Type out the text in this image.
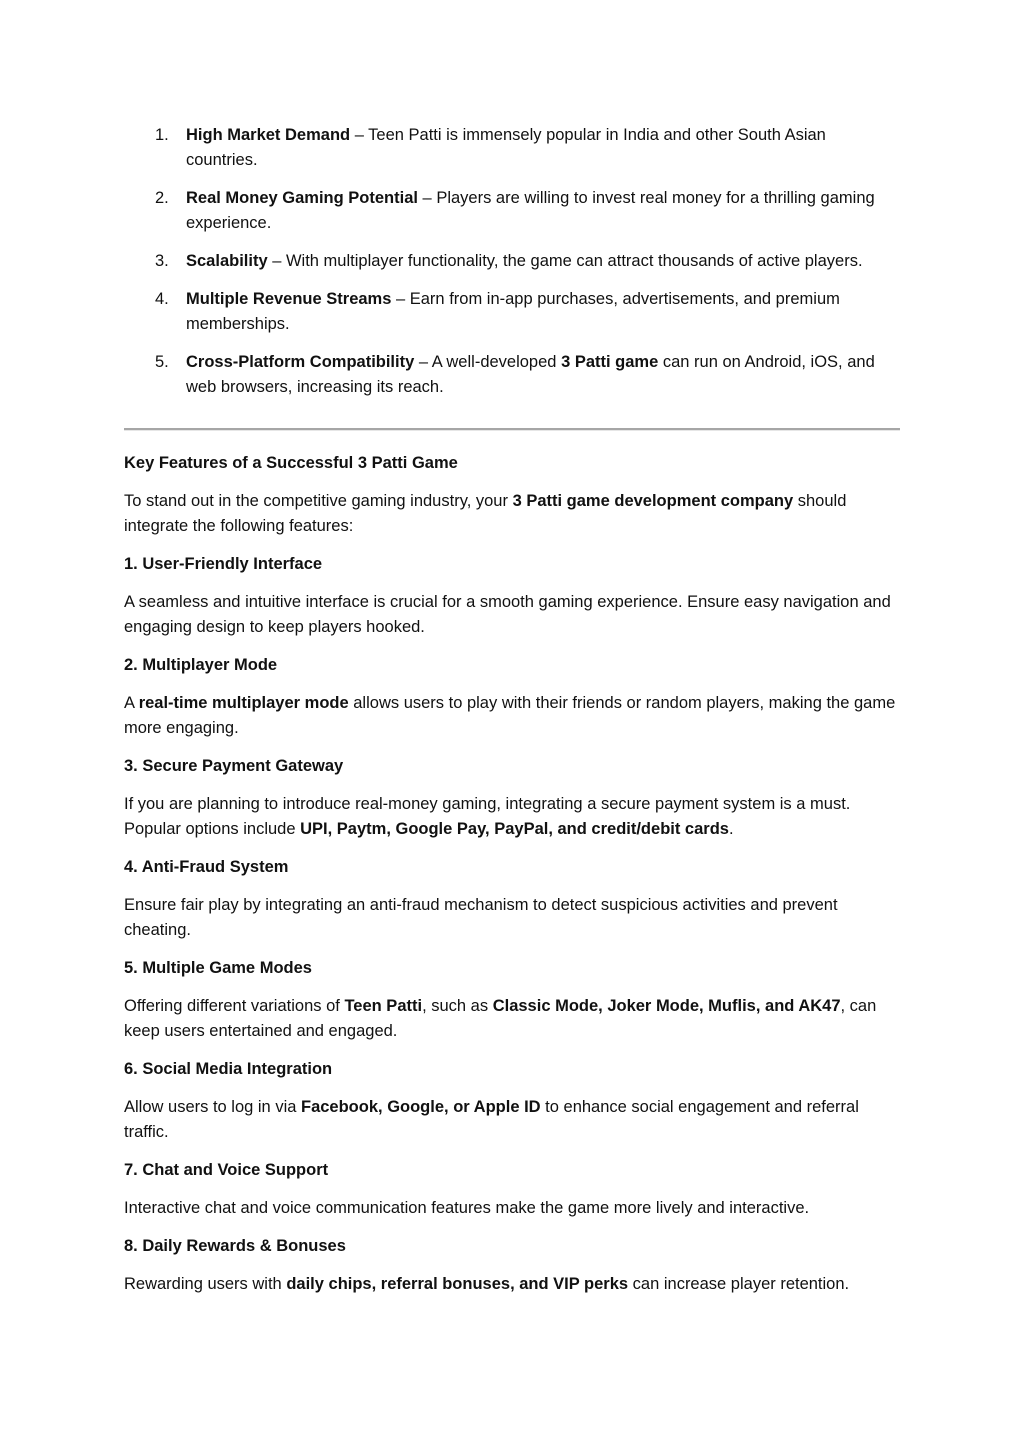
1. High Market Demand – Teen Patti is immensely popular in India and other South Asian countries.
2. Real Money Gaming Potential – Players are willing to invest real money for a thrilling gaming experience.
3. Scalability – With multiplayer functionality, the game can attract thousands of active players.
4. Multiple Revenue Streams – Earn from in-app purchases, advertisements, and premium memberships.
5. Cross-Platform Compatibility – A well-developed 3 Patti game can run on Android, iOS, and web browsers, increasing its reach.
Key Features of a Successful 3 Patti Game

To stand out in the competitive gaming industry, your 3 Patti game development company should integrate the following features:

1. User-Friendly Interface

A seamless and intuitive interface is crucial for a smooth gaming experience. Ensure easy navigation and engaging design to keep players hooked.

2. Multiplayer Mode

A real-time multiplayer mode allows users to play with their friends or random players, making the game more engaging.

3. Secure Payment Gateway

If you are planning to introduce real-money gaming, integrating a secure payment system is a must. Popular options include UPI, Paytm, Google Pay, PayPal, and credit/debit cards.

4. Anti-Fraud System

Ensure fair play by integrating an anti-fraud mechanism to detect suspicious activities and prevent cheating.

5. Multiple Game Modes

Offering different variations of Teen Patti, such as Classic Mode, Joker Mode, Muflis, and AK47, can keep users entertained and engaged.

6. Social Media Integration

Allow users to log in via Facebook, Google, or Apple ID to enhance social engagement and referral traffic.

7. Chat and Voice Support

Interactive chat and voice communication features make the game more lively and interactive.

8. Daily Rewards & Bonuses

Rewarding users with daily chips, referral bonuses, and VIP perks can increase player retention.
